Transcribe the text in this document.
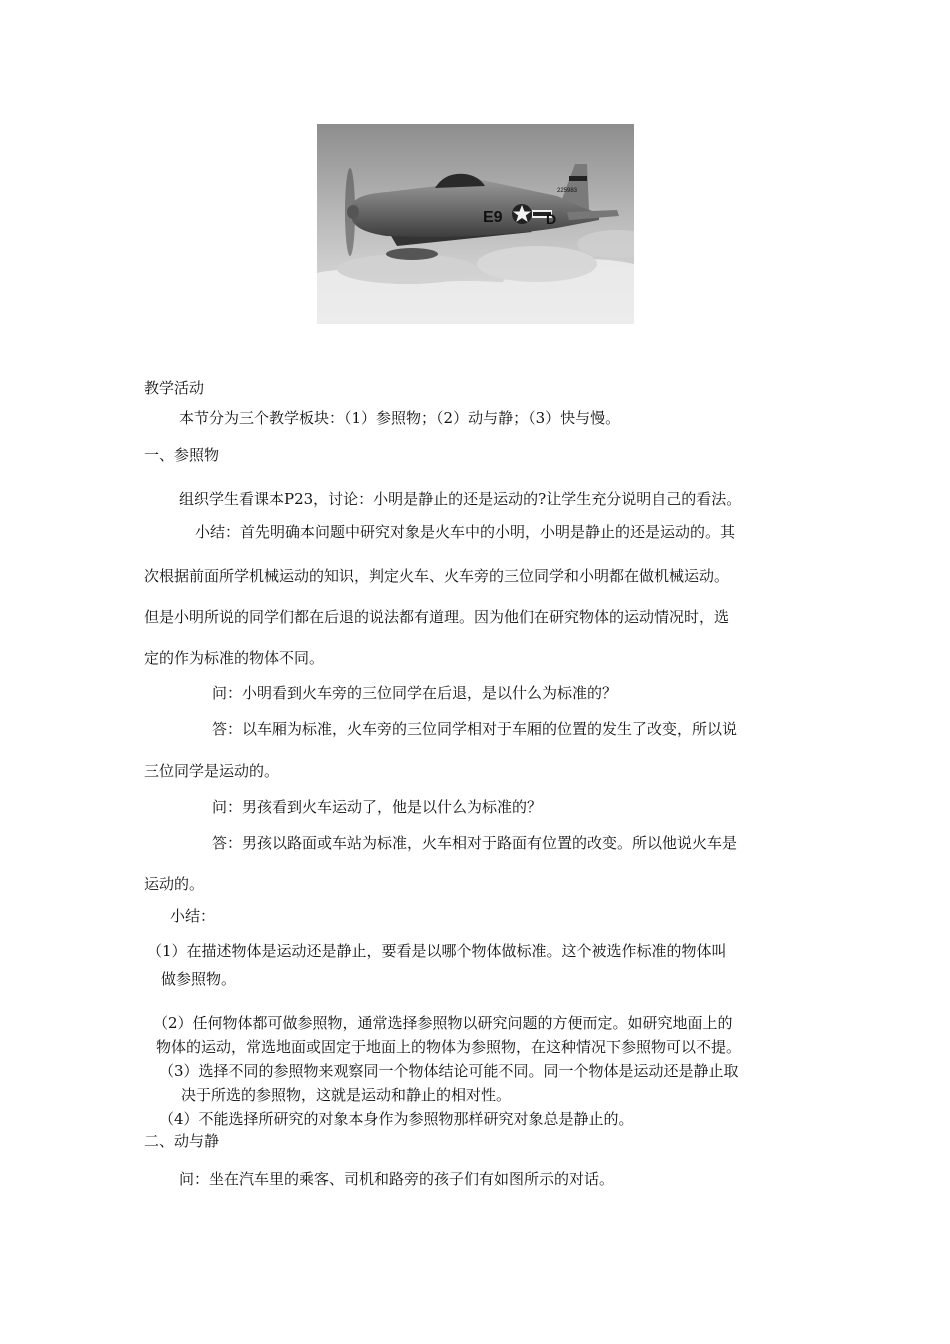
E9	D
225983
教学活动
本节分为三个教学板块：（1）参照物；（2）动与静；（3）快与慢。
一、参照物
组织学生看课本P23，讨论：小明是静止的还是运动的?让学生充分说明自己的看法。
小结：首先明确本问题中研究对象是火车中的小明，小明是静止的还是运动的。其
次根据前面所学机械运动的知识，判定火车、火车旁的三位同学和小明都在做机械运动。
但是小明所说的同学们都在后退的说法都有道理。因为他们在研究物体的运动情况时，选
定的作为标准的物体不同。
问：小明看到火车旁的三位同学在后退，是以什么为标准的？
答：以车厢为标准，火车旁的三位同学相对于车厢的位置的发生了改变，所以说
三位同学是运动的。
问：男孩看到火车运动了，他是以什么为标准的？
答：男孩以路面或车站为标准，火车相对于路面有位置的改变。所以他说火车是
运动的。
小结：
（1）在描述物体是运动还是静止，要看是以哪个物体做标准。这个被选作标准的物体叫
做参照物。
（2）任何物体都可做参照物，通常选择参照物以研究问题的方便而定。如研究地面上的
物体的运动，常选地面或固定于地面上的物体为参照物，在这种情况下参照物可以不提。
（3）选择不同的参照物来观察同一个物体结论可能不同。同一个物体是运动还是静止取
决于所选的参照物，这就是运动和静止的相对性。
（4）不能选择所研究的对象本身作为参照物那样研究对象总是静止的。
二、动与静
问：坐在汽车里的乘客、司机和路旁的孩子们有如图所示的对话。
